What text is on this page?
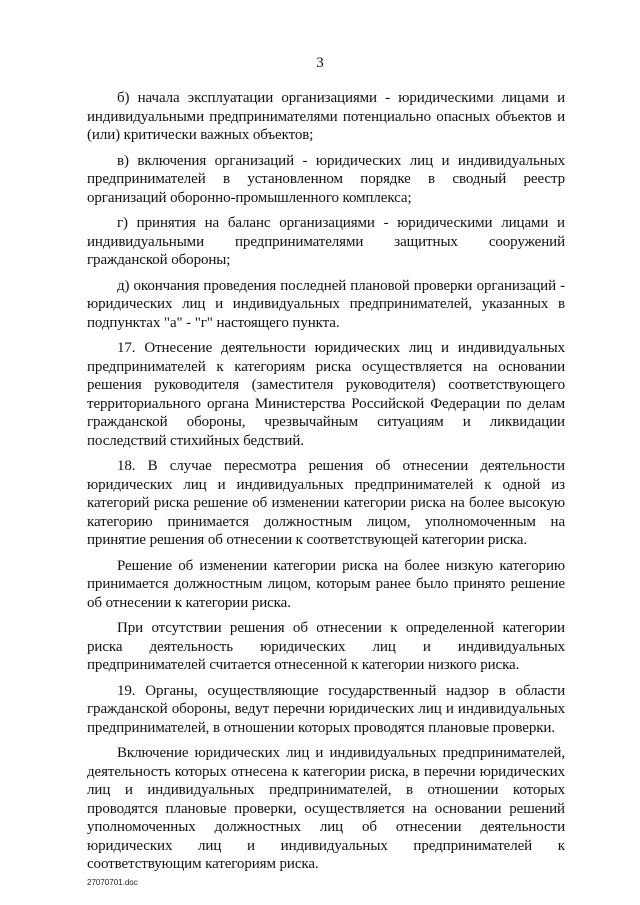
3

б) начала эксплуатации организациями - юридическими лицами и индивидуальными предпринимателями потенциально опасных объектов и (или) критически важных объектов;

в) включения организаций - юридических лиц и индивидуальных предпринимателей в установленном порядке в сводный реестр организаций оборонно-промышленного комплекса;

г) принятия на баланс организациями - юридическими лицами и индивидуальными предпринимателями защитных сооружений гражданской обороны;

д) окончания проведения последней плановой проверки организаций - юридических лиц и индивидуальных предпринимателей, указанных в подпунктах "а" - "г" настоящего пункта.

17. Отнесение деятельности юридических лиц и индивидуальных предпринимателей к категориям риска осуществляется на основании решения руководителя (заместителя руководителя) соответствующего территориального органа Министерства Российской Федерации по делам гражданской обороны, чрезвычайным ситуациям и ликвидации последствий стихийных бедствий.

18. В случае пересмотра решения об отнесении деятельности юридических лиц и индивидуальных предпринимателей к одной из категорий риска решение об изменении категории риска на более высокую категорию принимается должностным лицом, уполномоченным на принятие решения об отнесении к соответствующей категории риска.

Решение об изменении категории риска на более низкую категорию принимается должностным лицом, которым ранее было принято решение об отнесении к категории риска.

При отсутствии решения об отнесении к определенной категории риска деятельность юридических лиц и индивидуальных предпринимателей считается отнесенной к категории низкого риска.

19. Органы, осуществляющие государственный надзор в области гражданской обороны, ведут перечни юридических лиц и индивидуальных предпринимателей, в отношении которых проводятся плановые проверки.

Включение юридических лиц и индивидуальных предпринимателей, деятельность которых отнесена к категории риска, в перечни юридических лиц и индивидуальных предпринимателей, в отношении которых проводятся плановые проверки, осуществляется на основании решений уполномоченных должностных лиц об отнесении деятельности юридических лиц и индивидуальных предпринимателей к соответствующим категориям риска.

27070701.doc
